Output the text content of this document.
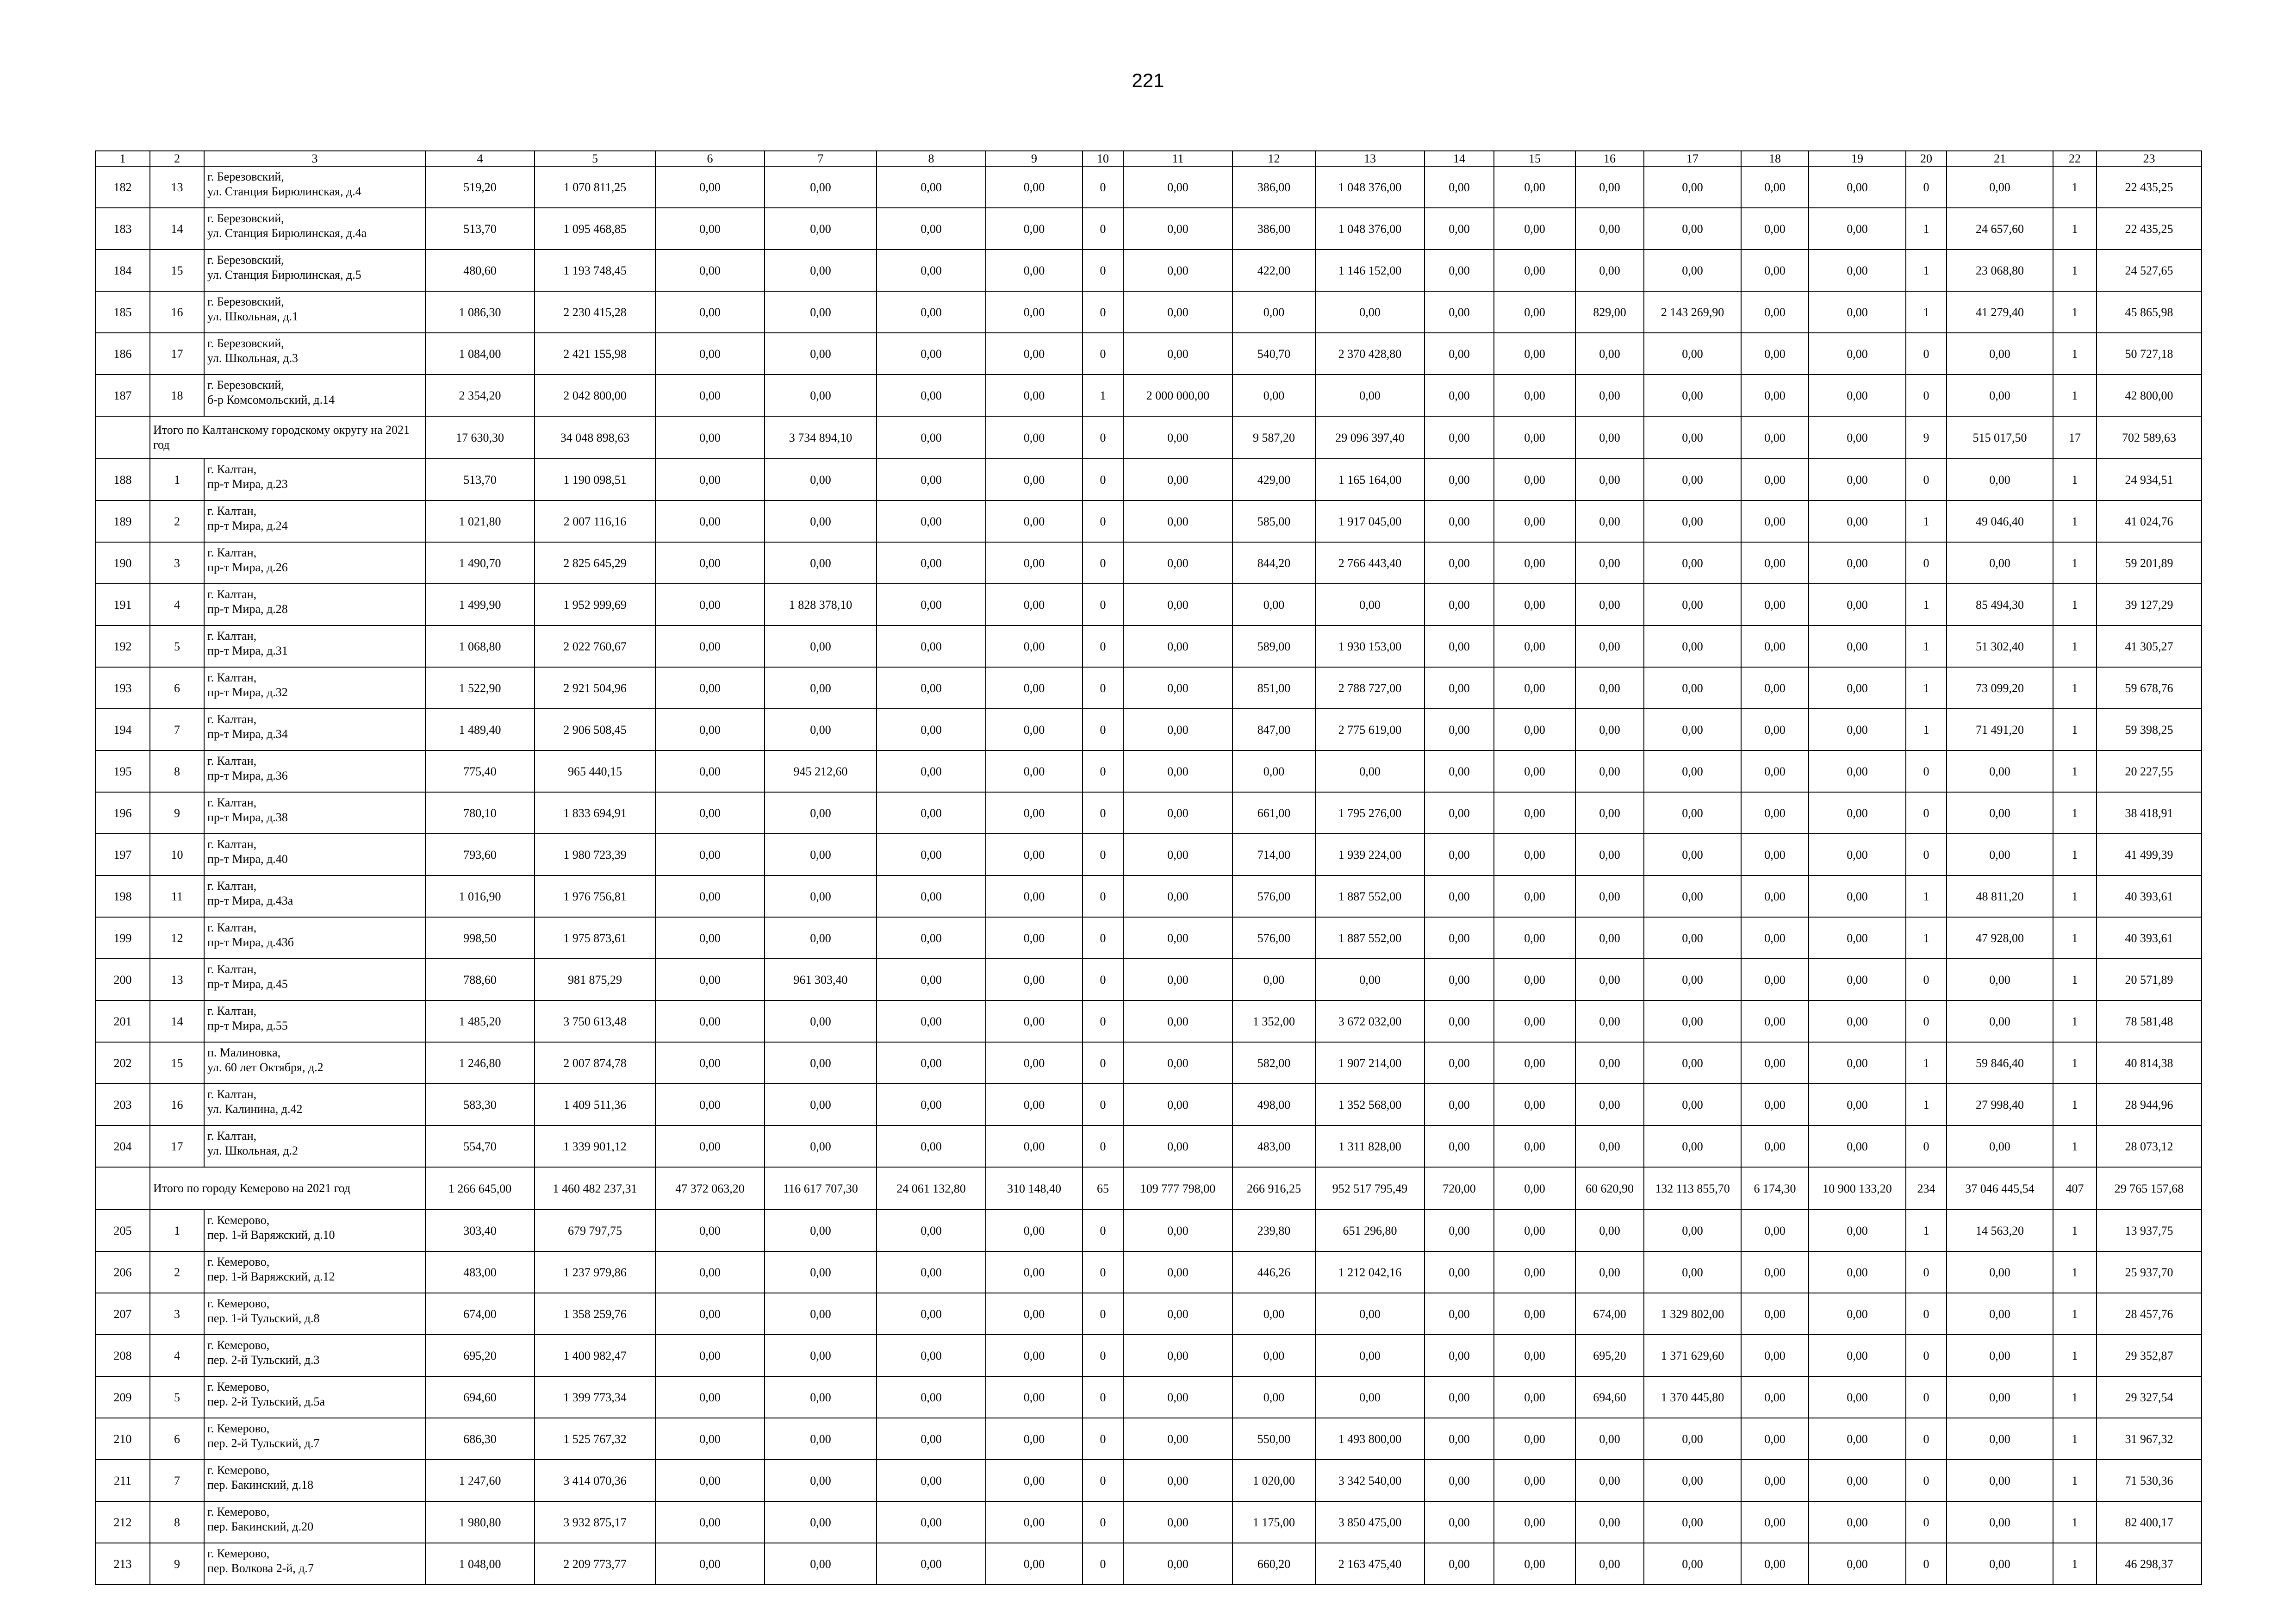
221
1	2	3	4	5	6	7	8	9	10	11	12	13	14	15	16	17	18	19	20	21	22	23
182	13	г. Березовский,
ул. Станция Бирюлинская, д.4	519,20	1 070 811,25	0,00	0,00	0,00	0,00	0	0,00	386,00	1 048 376,00	0,00	0,00	0,00	0,00	0,00	0,00	0	0,00	1	22 435,25
183	14	г. Березовский,
ул. Станция Бирюлинская, д.4а	513,70	1 095 468,85	0,00	0,00	0,00	0,00	0	0,00	386,00	1 048 376,00	0,00	0,00	0,00	0,00	0,00	0,00	1	24 657,60	1	22 435,25
184	15	г. Березовский,
ул. Станция Бирюлинская, д.5	480,60	1 193 748,45	0,00	0,00	0,00	0,00	0	0,00	422,00	1 146 152,00	0,00	0,00	0,00	0,00	0,00	0,00	1	23 068,80	1	24 527,65
185	16	г. Березовский,
ул. Школьная, д.1	1 086,30	2 230 415,28	0,00	0,00	0,00	0,00	0	0,00	0,00	0,00	0,00	0,00	829,00	2 143 269,90	0,00	0,00	1	41 279,40	1	45 865,98
186	17	г. Березовский,
ул. Школьная, д.3	1 084,00	2 421 155,98	0,00	0,00	0,00	0,00	0	0,00	540,70	2 370 428,80	0,00	0,00	0,00	0,00	0,00	0,00	0	0,00	1	50 727,18
187	18	г. Березовский,
б-р Комсомольский, д.14	2 354,20	2 042 800,00	0,00	0,00	0,00	0,00	1	2 000 000,00	0,00	0,00	0,00	0,00	0,00	0,00	0,00	0,00	0	0,00	1	42 800,00
	Итого по Калтанскому городскому округу на 2021 год		17 630,30	34 048 898,63	0,00	3 734 894,10	0,00	0,00	0	0,00	9 587,20	29 096 397,40	0,00	0,00	0,00	0,00	0,00	0,00	9	515 017,50	17	702 589,63
188	1	г. Калтан,
пр-т Мира, д.23	513,70	1 190 098,51	0,00	0,00	0,00	0,00	0	0,00	429,00	1 165 164,00	0,00	0,00	0,00	0,00	0,00	0,00	0	0,00	1	24 934,51
189	2	г. Калтан,
пр-т Мира, д.24	1 021,80	2 007 116,16	0,00	0,00	0,00	0,00	0	0,00	585,00	1 917 045,00	0,00	0,00	0,00	0,00	0,00	0,00	1	49 046,40	1	41 024,76
190	3	г. Калтан,
пр-т Мира, д.26	1 490,70	2 825 645,29	0,00	0,00	0,00	0,00	0	0,00	844,20	2 766 443,40	0,00	0,00	0,00	0,00	0,00	0,00	0	0,00	1	59 201,89
191	4	г. Калтан,
пр-т Мира, д.28	1 499,90	1 952 999,69	0,00	1 828 378,10	0,00	0,00	0	0,00	0,00	0,00	0,00	0,00	0,00	0,00	0,00	0,00	1	85 494,30	1	39 127,29
192	5	г. Калтан,
пр-т Мира, д.31	1 068,80	2 022 760,67	0,00	0,00	0,00	0,00	0	0,00	589,00	1 930 153,00	0,00	0,00	0,00	0,00	0,00	0,00	1	51 302,40	1	41 305,27
193	6	г. Калтан,
пр-т Мира, д.32	1 522,90	2 921 504,96	0,00	0,00	0,00	0,00	0	0,00	851,00	2 788 727,00	0,00	0,00	0,00	0,00	0,00	0,00	1	73 099,20	1	59 678,76
194	7	г. Калтан,
пр-т Мира, д.34	1 489,40	2 906 508,45	0,00	0,00	0,00	0,00	0	0,00	847,00	2 775 619,00	0,00	0,00	0,00	0,00	0,00	0,00	1	71 491,20	1	59 398,25
195	8	г. Калтан,
пр-т Мира, д.36	775,40	965 440,15	0,00	945 212,60	0,00	0,00	0	0,00	0,00	0,00	0,00	0,00	0,00	0,00	0,00	0,00	0	0,00	1	20 227,55
196	9	г. Калтан,
пр-т Мира, д.38	780,10	1 833 694,91	0,00	0,00	0,00	0,00	0	0,00	661,00	1 795 276,00	0,00	0,00	0,00	0,00	0,00	0,00	0	0,00	1	38 418,91
197	10	г. Калтан,
пр-т Мира, д.40	793,60	1 980 723,39	0,00	0,00	0,00	0,00	0	0,00	714,00	1 939 224,00	0,00	0,00	0,00	0,00	0,00	0,00	0	0,00	1	41 499,39
198	11	г. Калтан,
пр-т Мира, д.43а	1 016,90	1 976 756,81	0,00	0,00	0,00	0,00	0	0,00	576,00	1 887 552,00	0,00	0,00	0,00	0,00	0,00	0,00	1	48 811,20	1	40 393,61
199	12	г. Калтан,
пр-т Мира, д.43б	998,50	1 975 873,61	0,00	0,00	0,00	0,00	0	0,00	576,00	1 887 552,00	0,00	0,00	0,00	0,00	0,00	0,00	1	47 928,00	1	40 393,61
200	13	г. Калтан,
пр-т Мира, д.45	788,60	981 875,29	0,00	961 303,40	0,00	0,00	0	0,00	0,00	0,00	0,00	0,00	0,00	0,00	0,00	0,00	0	0,00	1	20 571,89
201	14	г. Калтан,
пр-т Мира, д.55	1 485,20	3 750 613,48	0,00	0,00	0,00	0,00	0	0,00	1 352,00	3 672 032,00	0,00	0,00	0,00	0,00	0,00	0,00	0	0,00	1	78 581,48
202	15	п. Малиновка,
ул. 60 лет Октября, д.2	1 246,80	2 007 874,78	0,00	0,00	0,00	0,00	0	0,00	582,00	1 907 214,00	0,00	0,00	0,00	0,00	0,00	0,00	1	59 846,40	1	40 814,38
203	16	г. Калтан,
ул. Калинина, д.42	583,30	1 409 511,36	0,00	0,00	0,00	0,00	0	0,00	498,00	1 352 568,00	0,00	0,00	0,00	0,00	0,00	0,00	1	27 998,40	1	28 944,96
204	17	г. Калтан,
ул. Школьная, д.2	554,70	1 339 901,12	0,00	0,00	0,00	0,00	0	0,00	483,00	1 311 828,00	0,00	0,00	0,00	0,00	0,00	0,00	0	0,00	1	28 073,12
	Итого по городу Кемерово на 2021 год		1 266 645,00	1 460 482 237,31	47 372 063,20	116 617 707,30	24 061 132,80	310 148,40	65	109 777 798,00	266 916,25	952 517 795,49	720,00	0,00	60 620,90	132 113 855,70	6 174,30	10 900 133,20	234	37 046 445,54	407	29 765 157,68
205	1	г. Кемерово,
пер. 1-й Варяжский, д.10	303,40	679 797,75	0,00	0,00	0,00	0,00	0	0,00	239,80	651 296,80	0,00	0,00	0,00	0,00	0,00	0,00	1	14 563,20	1	13 937,75
206	2	г. Кемерово,
пер. 1-й Варяжский, д.12	483,00	1 237 979,86	0,00	0,00	0,00	0,00	0	0,00	446,26	1 212 042,16	0,00	0,00	0,00	0,00	0,00	0,00	0	0,00	1	25 937,70
207	3	г. Кемерово,
пер. 1-й Тульский, д.8	674,00	1 358 259,76	0,00	0,00	0,00	0,00	0	0,00	0,00	0,00	0,00	0,00	674,00	1 329 802,00	0,00	0,00	0	0,00	1	28 457,76
208	4	г. Кемерово,
пер. 2-й Тульский, д.3	695,20	1 400 982,47	0,00	0,00	0,00	0,00	0	0,00	0,00	0,00	0,00	0,00	695,20	1 371 629,60	0,00	0,00	0	0,00	1	29 352,87
209	5	г. Кемерово,
пер. 2-й Тульский, д.5а	694,60	1 399 773,34	0,00	0,00	0,00	0,00	0	0,00	0,00	0,00	0,00	0,00	694,60	1 370 445,80	0,00	0,00	0	0,00	1	29 327,54
210	6	г. Кемерово,
пер. 2-й Тульский, д.7	686,30	1 525 767,32	0,00	0,00	0,00	0,00	0	0,00	550,00	1 493 800,00	0,00	0,00	0,00	0,00	0,00	0,00	0	0,00	1	31 967,32
211	7	г. Кемерово,
пер. Бакинский, д.18	1 247,60	3 414 070,36	0,00	0,00	0,00	0,00	0	0,00	1 020,00	3 342 540,00	0,00	0,00	0,00	0,00	0,00	0,00	0	0,00	1	71 530,36
212	8	г. Кемерово,
пер. Бакинский, д.20	1 980,80	3 932 875,17	0,00	0,00	0,00	0,00	0	0,00	1 175,00	3 850 475,00	0,00	0,00	0,00	0,00	0,00	0,00	0	0,00	1	82 400,17
213	9	г. Кемерово,
пер. Волкова 2-й, д.7	1 048,00	2 209 773,77	0,00	0,00	0,00	0,00	0	0,00	660,20	2 163 475,40	0,00	0,00	0,00	0,00	0,00	0,00	0	0,00	1	46 298,37
